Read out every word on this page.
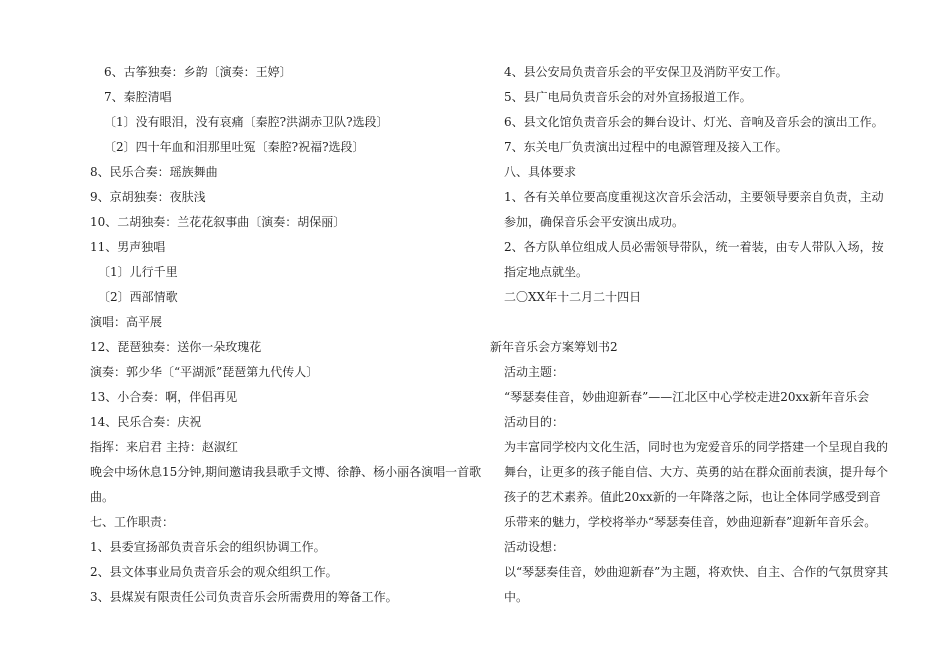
6、古筝独奏：乡韵〔演奏：王婷〕

7、秦腔清唱

〔1〕没有眼泪，没有哀痛〔秦腔?洪湖赤卫队?选段〕

〔2〕四十年血和泪那里吐冤〔秦腔?祝福?选段〕

8、民乐合奏：瑶族舞曲

9、京胡独奏：夜肤浅

10、二胡独奏：兰花花叙事曲〔演奏：胡保丽〕

11、男声独唱

〔1〕儿行千里

〔2〕西部情歌

演唱：高平展

12、琵琶独奏：送你一朵玫瑰花

演奏：郭少华〔“平湖派”琵琶第九代传人〕

13、小合奏：啊，伴侣再见

14、民乐合奏：庆祝

指挥：来启君 主持：赵淑红

晚会中场休息15分钟,期间邀请我县歌手文博、徐静、杨小丽各演唱一首歌曲。

七、工作职责：

1、县委宣扬部负责音乐会的组织协调工作。

2、县文体事业局负责音乐会的观众组织工作。

3、县煤炭有限责任公司负责音乐会所需费用的筹备工作。

4、县公安局负责音乐会的平安保卫及消防平安工作。

5、县广电局负责音乐会的对外宣扬报道工作。

6、县文化馆负责音乐会的舞台设计、灯光、音响及音乐会的演出工作。

7、东关电厂负责演出过程中的电源管理及接入工作。

八、具体要求

1、各有关单位要高度重视这次音乐会活动，主要领导要亲自负责，主动参加，确保音乐会平安演出成功。

2、各方队单位组成人员必需领导带队，统一着装，由专人带队入场，按指定地点就坐。

二〇XX年十二月二十四日

新年音乐会方案筹划书2

活动主题：

“琴瑟奏佳音，妙曲迎新春”——江北区中心学校走进20xx新年音乐会

活动目的：

为丰富同学校内文化生活，同时也为宠爱音乐的同学搭建一个呈现自我的舞台，让更多的孩子能自信、大方、英勇的站在群众面前表演，提升每个孩子的艺术素养。值此20xx新的一年降落之际，也让全体同学感受到音乐带来的魅力，学校将举办“琴瑟奏佳音，妙曲迎新春”迎新年音乐会。

活动设想：

以“琴瑟奏佳音，妙曲迎新春”为主题，将欢快、自主、合作的气氛贯穿其中。
